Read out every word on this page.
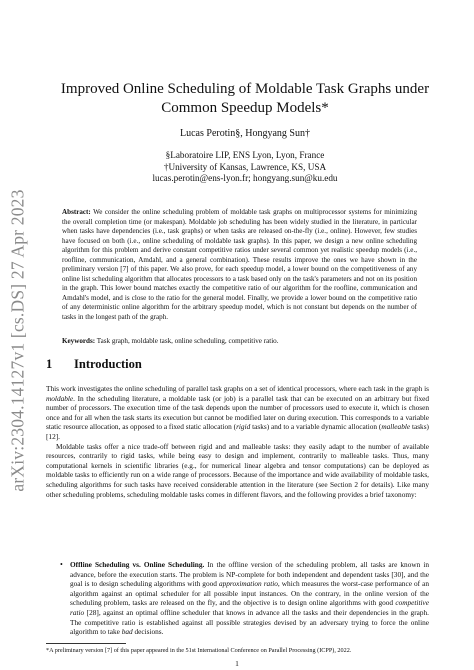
arXiv:2304.14127v1 [cs.DS] 27 Apr 2023
Improved Online Scheduling of Moldable Task Graphs under
Common Speedup Models*
Lucas Perotin§, Hongyang Sun†
§Laboratoire LIP, ENS Lyon, Lyon, France
†University of Kansas, Lawrence, KS, USA
lucas.perotin@ens-lyon.fr; hongyang.sun@ku.edu
Abstract: We consider the online scheduling problem of moldable task graphs on multiprocessor systems for minimizing the overall completion time (or makespan). Moldable job scheduling has been widely studied in the literature, in particular when tasks have dependencies (i.e., task graphs) or when tasks are released on-the-fly (i.e., online). However, few studies have focused on both (i.e., online scheduling of moldable task graphs). In this paper, we design a new online scheduling algorithm for this problem and derive constant competitive ratios under several common yet realistic speedup models (i.e., roofline, communication, Amdahl, and a general combination). These results improve the ones we have shown in the preliminary version [7] of this paper. We also prove, for each speedup model, a lower bound on the competitiveness of any online list scheduling algorithm that allocates processors to a task based only on the task's parameters and not on its position in the graph. This lower bound matches exactly the competitive ratio of our algorithm for the roofline, communication and Amdahl's model, and is close to the ratio for the general model. Finally, we provide a lower bound on the competitive ratio of any deterministic online algorithm for the arbitrary speedup model, which is not constant but depends on the number of tasks in the longest path of the graph.
Keywords: Task graph, moldable task, online scheduling, competitive ratio.
1 Introduction

This work investigates the online scheduling of parallel task graphs on a set of identical processors, where each task in the graph is moldable. In the scheduling literature, a moldable task (or job) is a parallel task that can be executed on an arbitrary but fixed number of processors. The execution time of the task depends upon the number of processors used to execute it, which is chosen once and for all when the task starts its execution but cannot be modified later on during execution. This corresponds to a variable static resource allocation, as opposed to a fixed static allocation (rigid tasks) and to a variable dynamic allocation (malleable tasks) [12].

Moldable tasks offer a nice trade-off between rigid and and malleable tasks: they easily adapt to the number of available resources, contrarily to rigid tasks, while being easy to design and implement, contrarily to malleable tasks. Thus, many computational kernels in scientific libraries (e.g., for numerical linear algebra and tensor computations) can be deployed as moldable tasks to efficiently run on a wide range of processors. Because of the importance and wide availability of moldable tasks, scheduling algorithms for such tasks have received considerable attention in the literature (see Section 2 for details). Like many other scheduling problems, scheduling moldable tasks comes in different flavors, and the following provides a brief taxonomy:

• Offline Scheduling vs. Online Scheduling. In the offline version of the scheduling problem, all tasks are known in advance, before the execution starts. The problem is NP-complete for both independent and dependent tasks [30], and the goal is to design scheduling algorithms with good approximation ratio, which measures the worst-case performance of an algorithm against an optimal scheduler for all possible input instances. On the contrary, in the online version of the scheduling problem, tasks are released on the fly, and the objective is to design online algorithms with good competitive ratio [28], against an optimal offline scheduler that knows in advance all the tasks and their dependencies in the graph. The competitive ratio is established against all possible strategies devised by an adversary trying to force the online algorithm to take bad decisions.
*A preliminary version [7] of this paper appeared in the 51st International Conference on Parallel Processing (ICPP), 2022.
1
